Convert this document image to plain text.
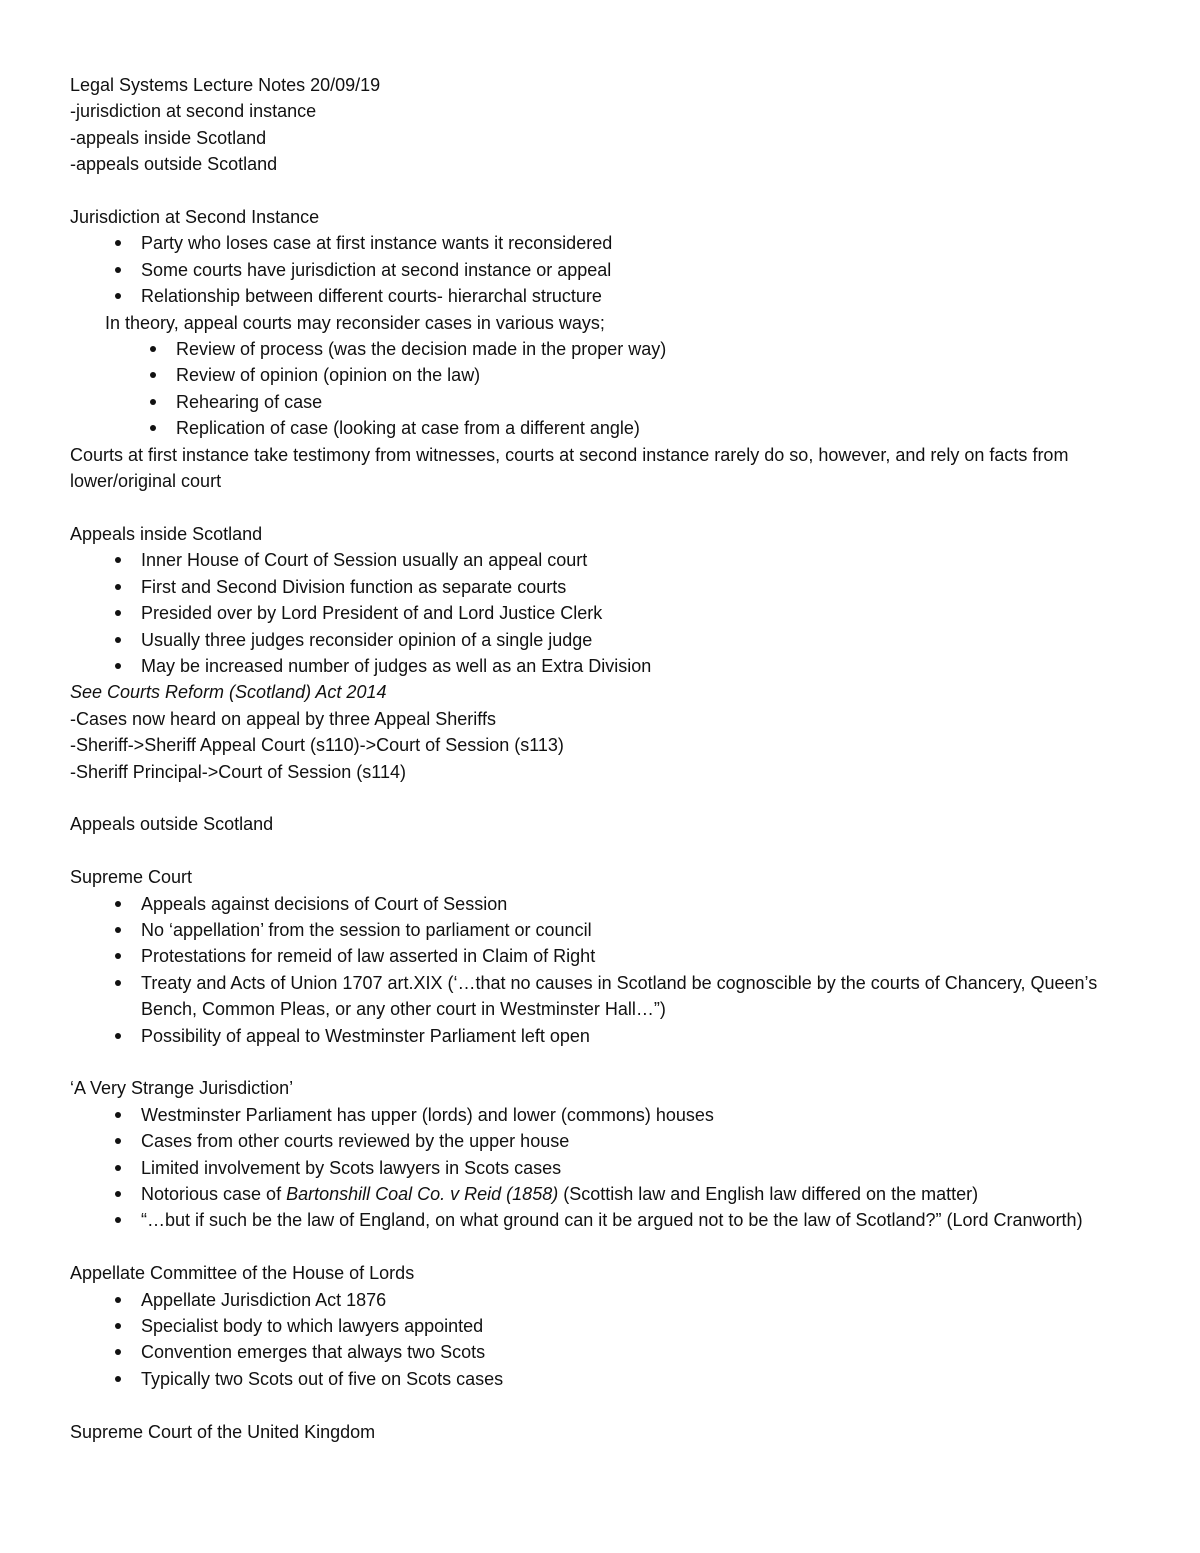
Legal Systems Lecture Notes 20/09/19

-jurisdiction at second instance

-appeals inside Scotland

-appeals outside Scotland

Jurisdiction at Second Instance

Party who loses case at first instance wants it reconsidered
Some courts have jurisdiction at second instance or appeal
Relationship between different courts- hierarchal structure

In theory, appeal courts may reconsider cases in various ways;

Review of process (was the decision made in the proper way)
Review of opinion (opinion on the law)
Rehearing of case
Replication of case (looking at case from a different angle)

Courts at first instance take testimony from witnesses, courts at second instance rarely do so, however, and rely on facts from lower/original court

Appeals inside Scotland

Inner House of Court of Session usually an appeal court
First and Second Division function as separate courts
Presided over by Lord President of and Lord Justice Clerk
Usually three judges reconsider opinion of a single judge
May be increased number of judges as well as an Extra Division

See Courts Reform (Scotland) Act 2014

-Cases now heard on appeal by three Appeal Sheriffs

-Sheriff->Sheriff Appeal Court (s110)->Court of Session (s113)

-Sheriff Principal->Court of Session (s114)

Appeals outside Scotland

Supreme Court

Appeals against decisions of Court of Session
No ‘appellation’ from the session to parliament or council
Protestations for remeid of law asserted in Claim of Right
Treaty and Acts of Union 1707 art.XIX (‘…that no causes in Scotland be cognoscible by the courts of Chancery, Queen’s Bench, Common Pleas, or any other court in Westminster Hall…”)
Possibility of appeal to Westminster Parliament left open

‘A Very Strange Jurisdiction’

Westminster Parliament has upper (lords) and lower (commons) houses
Cases from other courts reviewed by the upper house
Limited involvement by Scots lawyers in Scots cases
Notorious case of Bartonshill Coal Co. v Reid (1858) (Scottish law and English law differed on the matter)
“…but if such be the law of England, on what ground can it be argued not to be the law of Scotland?” (Lord Cranworth)

Appellate Committee of the House of Lords

Appellate Jurisdiction Act 1876
Specialist body to which lawyers appointed
Convention emerges that always two Scots
Typically two Scots out of five on Scots cases

Supreme Court of the United Kingdom
